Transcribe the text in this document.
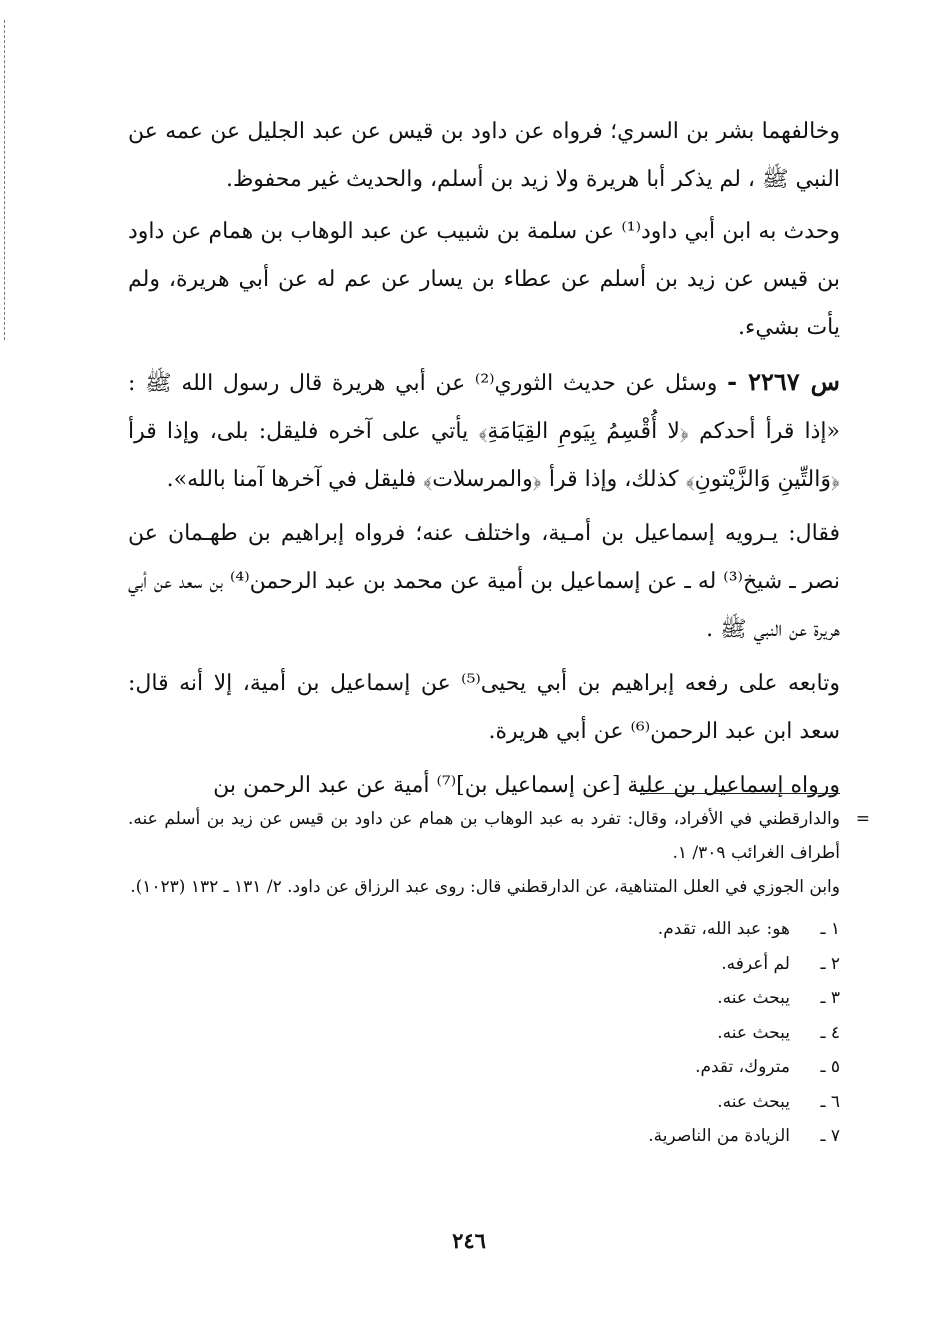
وخالفهما بشر بن السري؛ فرواه عن داود بن قيس عن عبد الجليل عن عمه عن النبي ﷺ ، لم يذكر أبا هريرة ولا زيد بن أسلم، والحديث غير محفوظ.

وحدث به ابن أبي داود⁽¹⁾ عن سلمة بن شبيب عن عبد الوهاب بن همام عن داود بن قيس عن زيد بن أسلم عن عطاء بن يسار عن عم له عن أبي هريرة، ولم يأت بشيء.

س ٢٢٦٧ - وسئل عن حديث الثوري⁽²⁾ عن أبي هريرة قال رسول الله ﷺ : «إذا قرأ أحدكم ﴿لا أُقْسِمُ بِيَومِ القِيَامَةِ﴾ يأتي على آخره فليقل: بلى، وإذا قرأ ﴿وَالتِّينِ وَالزَّيْتونِ﴾ كذلك، وإذا قرأ ﴿والمرسلات﴾ فليقل في آخرها آمنا بالله».

فقال: يـرويه إسماعيل بن أمـية، واختلف عنه؛ فرواه إبراهيم بن طهـمان عن نصر ـ شيخ⁽³⁾ له ـ عن إسماعيل بن أمية عن محمد بن عبد الرحمن⁽⁴⁾ بن سعد عن أبي هريرة عن النبي ﷺ .

وتابعه على رفعه إبراهيم بن أبي يحيى⁽⁵⁾ عن إسماعيل بن أمية، إلا أنه قال: سعد ابن عبد الرحمن⁽⁶⁾ عن أبي هريرة.

ورواه إسماعيل بن علية [عن إسماعيل بن]⁽⁷⁾ أمية عن عبد الرحمن بن

=
والدارقطني في الأفراد، وقال: تفرد به عبد الوهاب بن همام عن داود بن قيس عن زيد بن أسلم عنه. أطراف الغرائب ٣٠٩/ ١.

وابن الجوزي في العلل المتناهية، عن الدارقطني قال: روى عبد الرزاق عن داود. ٢/ ١٣١ ـ ١٣٢ (١٠٢٣).

١ ـ
هو: عبد الله، تقدم.
٢ ـ
لم أعرفه.
٣ ـ
يبحث عنه.
٤ ـ
يبحث عنه.
٥ ـ
متروك، تقدم.
٦ ـ
يبحث عنه.
٧ ـ
الزيادة من الناصرية.
٢٤٦
